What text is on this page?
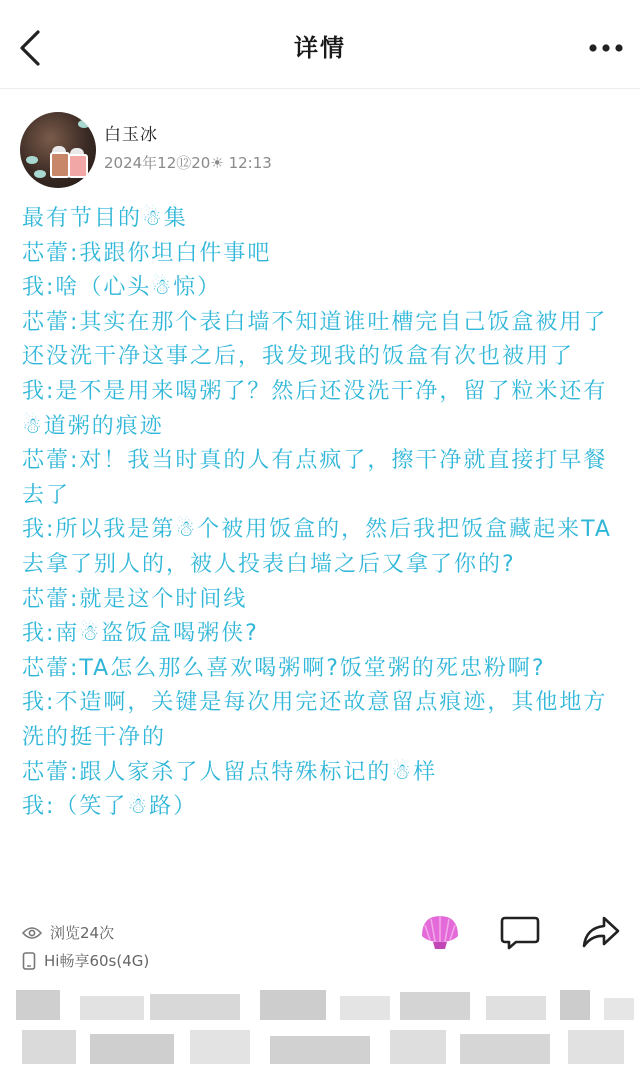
详情
白玉冰
2024年12⑫20☀ 12:13

最有节目的☃集

芯蕾:我跟你坦白件事吧

我:啥（心头☃惊）

芯蕾:其实在那个表白墙不知道谁吐槽完自己饭盒被用了还没洗干净这事之后，我发现我的饭盒有次也被用了

我:是不是用来喝粥了？然后还没洗干净，留了粒米还有☃道粥的痕迹

芯蕾:对！我当时真的人有点疯了，擦干净就直接打早餐去了

我:所以我是第☃个被用饭盒的，然后我把饭盒藏起来TA去拿了别人的，被人投表白墙之后又拿了你的?

芯蕾:就是这个时间线

我:南☃盗饭盒喝粥侠?

芯蕾:TA怎么那么喜欢喝粥啊?饭堂粥的死忠粉啊?

我:不造啊，关键是每次用完还故意留点痕迹，其他地方洗的挺干净的

芯蕾:跟人家杀了人留点特殊标记的☃样

我:（笑了☃路）

浏览24次
Hi畅享60s(4G)
